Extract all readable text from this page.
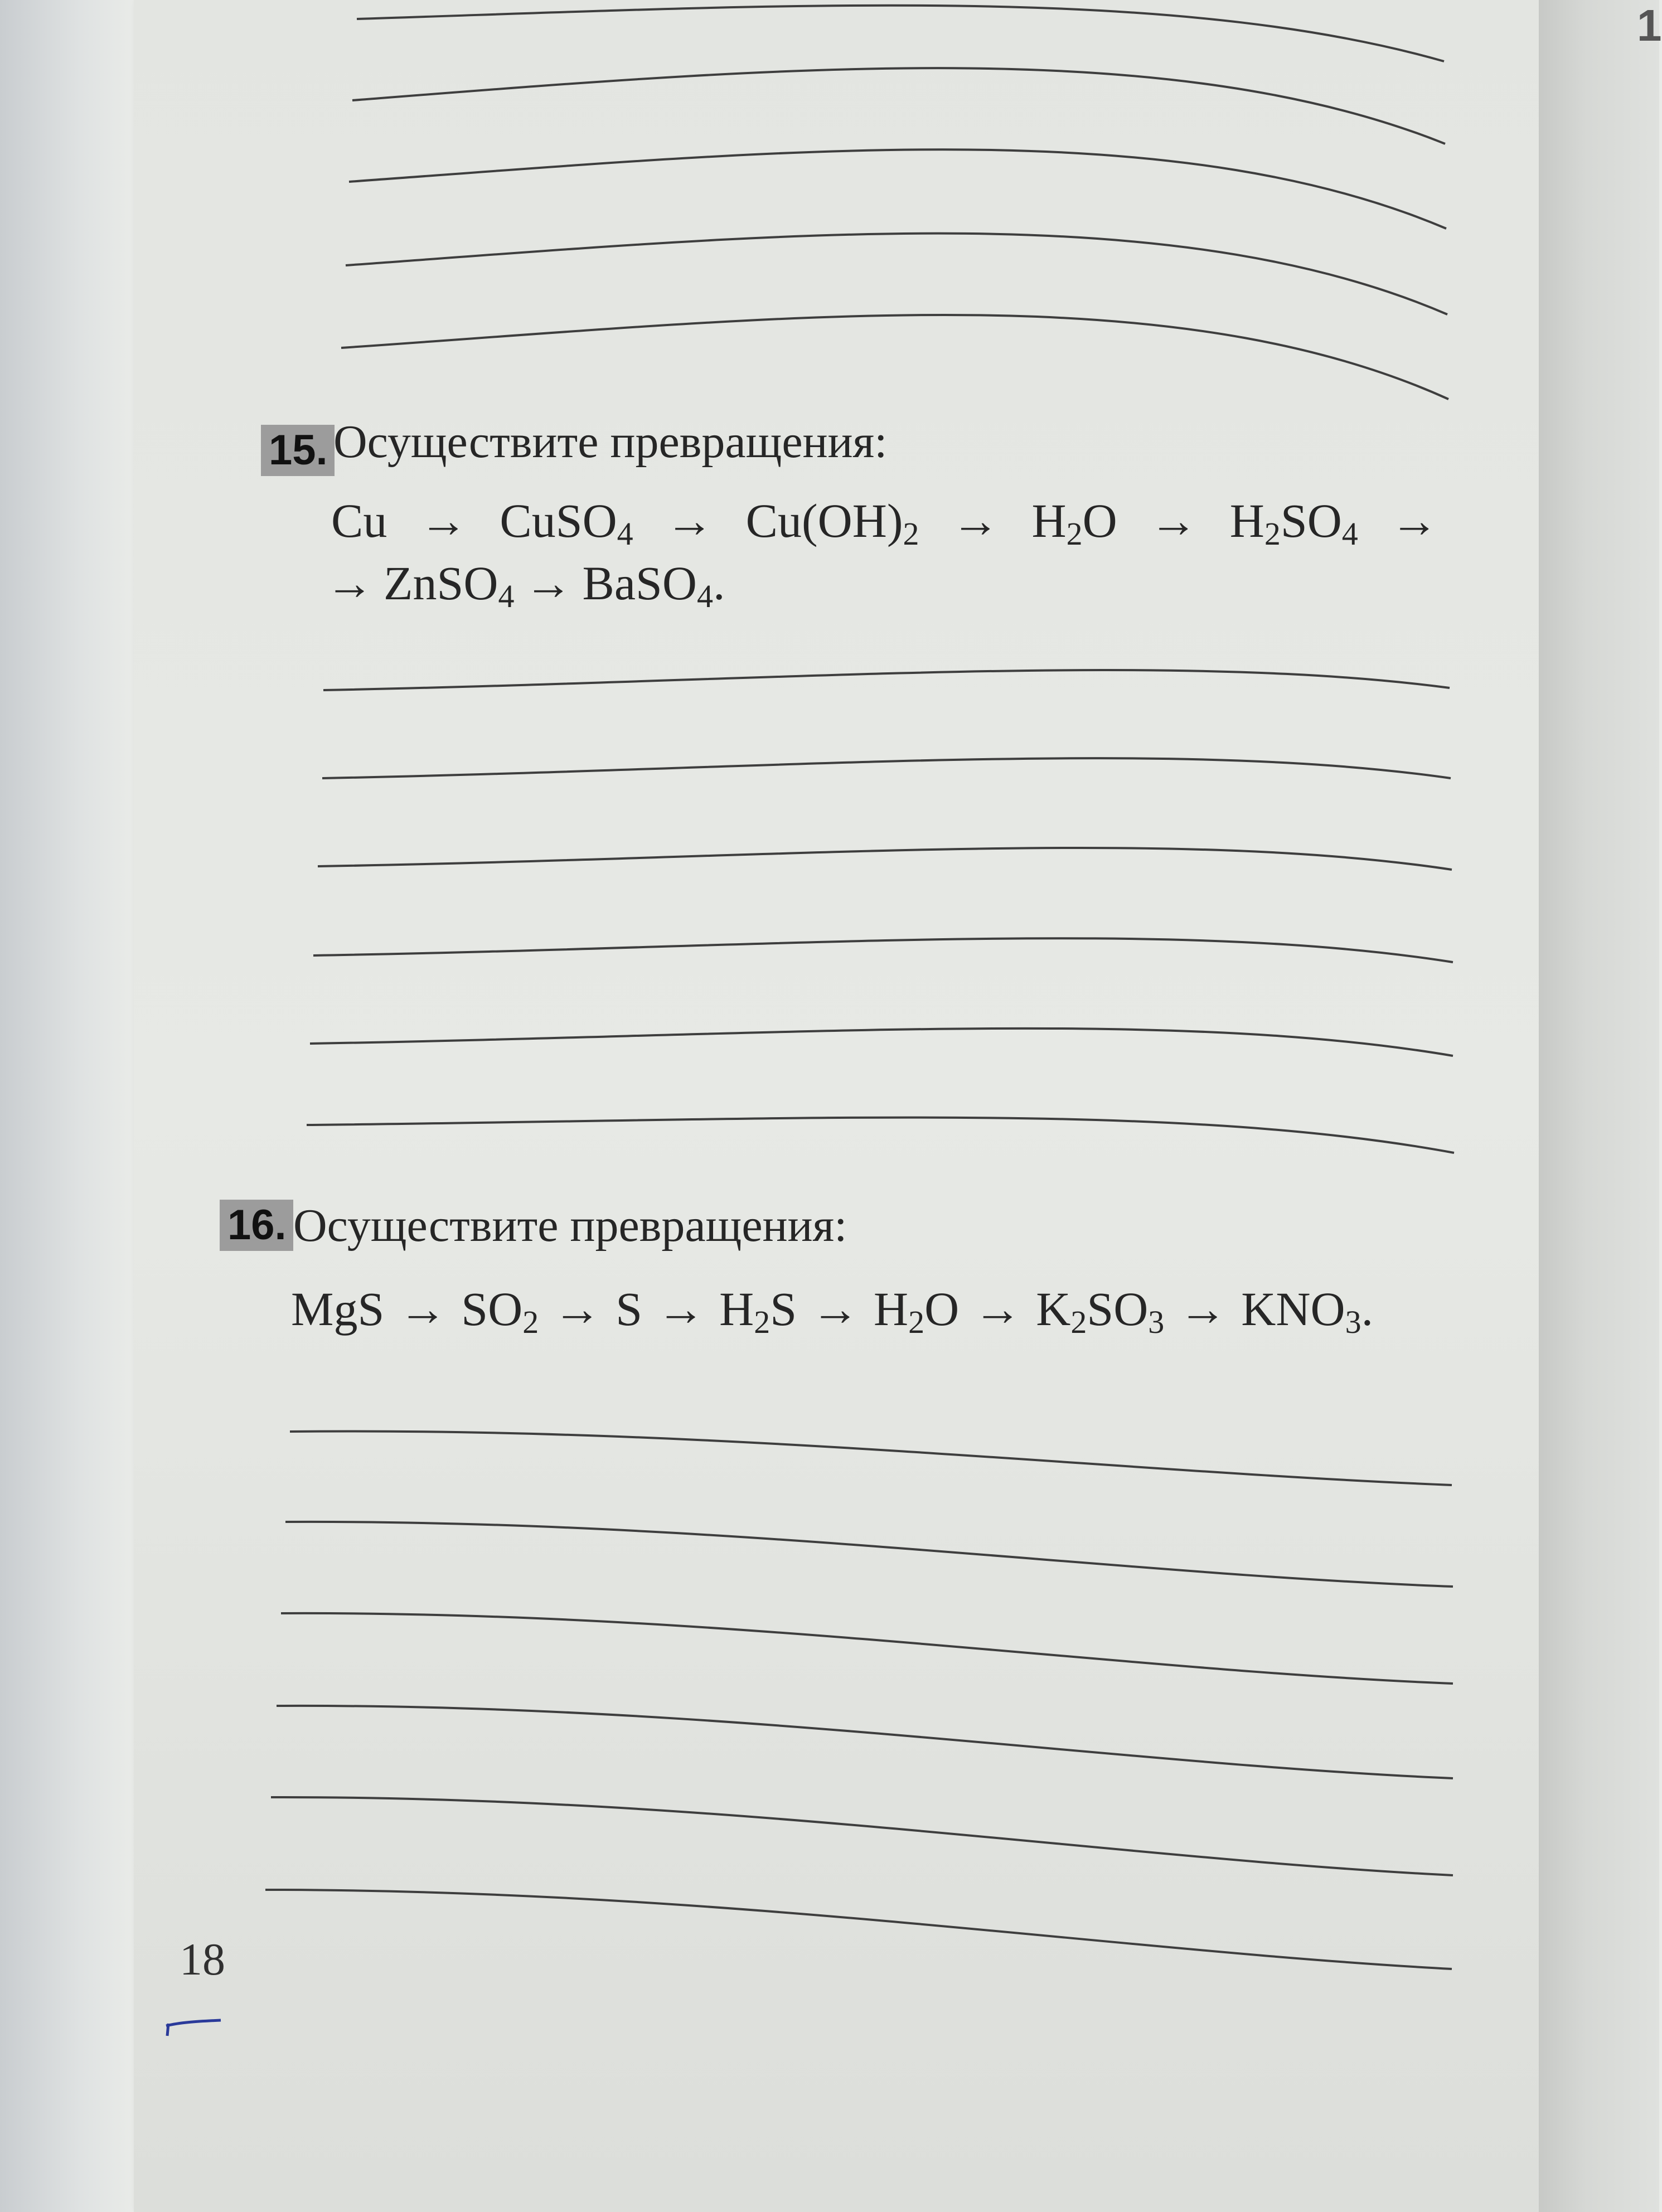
1
15. Осуществите превращения:
Cu → CuSO$_4$ → $Cu(OH)_2 \to H_2O \to H_2SO_4$ →
→ ZnSO$_4$ → BaSO$_4$.
16. Осуществите превращения:
MgS → $SO_2 \to S \to H_2S \to H_2O \to K_2SO_3 \to KNO_3$.
18
